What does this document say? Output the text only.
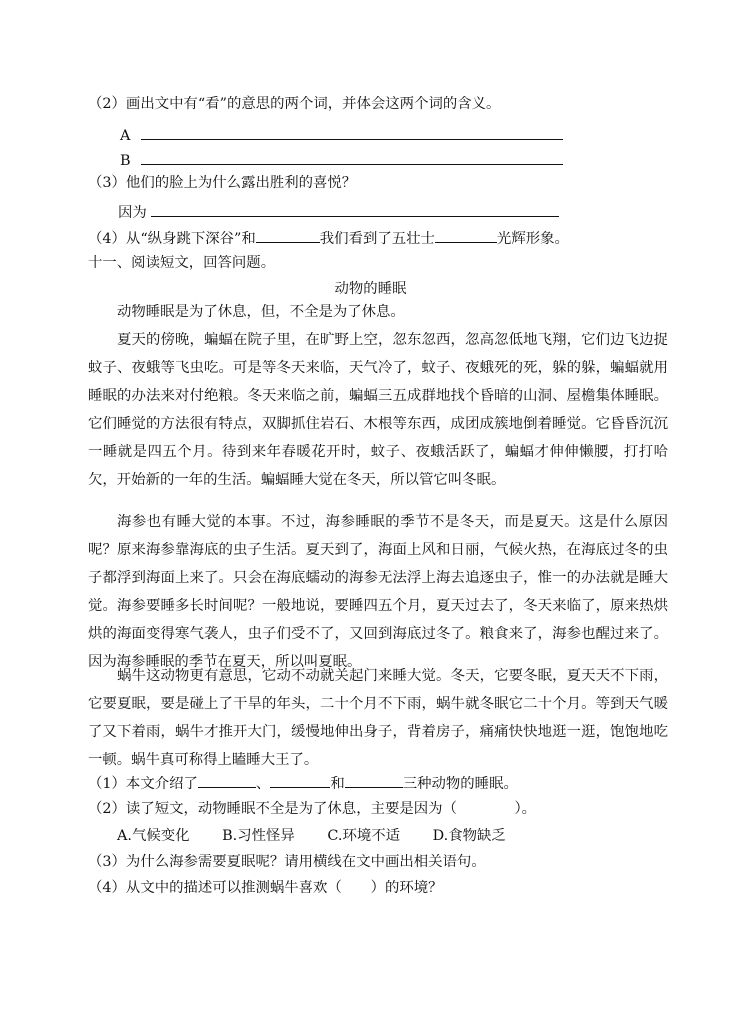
（2）画出文中有“看”的意思的两个词，并体会这两个词的含义。
A
B
（3）他们的脸上为什么露出胜利的喜悦？
因为
（4）从“纵身跳下深谷”和	我们看到了五壮士	光辉形象。
十一、阅读短文，回答问题。
动物的睡眠
动物睡眠是为了休息，但，不全是为了休息。
夏天的傍晚，蝙蝠在院子里，在旷野上空，忽东忽西，忽高忽低地飞翔，它们边飞边捉蚊子、夜蛾等飞虫吃。可是等冬天来临，天气冷了，蚊子、夜蛾死的死，躲的躲，蝙蝠就用睡眠的办法来对付绝粮。冬天来临之前，蝙蝠三五成群地找个昏暗的山洞、屋檐集体睡眠。它们睡觉的方法很有特点，双脚抓住岩石、木根等东西，成团成簇地倒着睡觉。它昏昏沉沉一睡就是四五个月。待到来年春暖花开时，蚊子、夜蛾活跃了，蝙蝠才伸伸懒腰，打打哈欠，开始新的一年的生活。蝙蝠睡大觉在冬天，所以管它叫冬眠。
海参也有睡大觉的本事。不过，海参睡眠的季节不是冬天，而是夏天。这是什么原因呢？原来海参靠海底的虫子生活。夏天到了，海面上风和日丽，气候火热，在海底过冬的虫子都浮到海面上来了。只会在海底蠕动的海参无法浮上海去追逐虫子，惟一的办法就是睡大觉。海参要睡多长时间呢？一般地说，要睡四五个月，夏天过去了，冬天来临了，原来热烘烘的海面变得寒气袭人，虫子们受不了，又回到海底过冬了。粮食来了，海参也醒过来了。因为海参睡眠的季节在夏天，所以叫夏眠。
蜗牛这动物更有意思，它动不动就关起门来睡大觉。冬天，它要冬眠，夏天天不下雨，它要夏眠，要是碰上了干旱的年头，二十个月不下雨，蜗牛就冬眠它二十个月。等到天气暖了又下着雨，蜗牛才推开大门，缓慢地伸出身子，背着房子，痛痛快快地逛一逛，饱饱地吃一顿。蜗牛真可称得上瞌睡大王了。
（1）本文介绍了	、	和	三种动物的睡眠。
（2）读了短文，动物睡眠不全是为了休息，主要是因为（　　　　）。
A.气候变化 B.习性怪异 C.环境不适 D.食物缺乏
（3）为什么海参需要夏眠呢？请用横线在文中画出相关语句。
（4）从文中的描述可以推测蜗牛喜欢（　　）的环境？
